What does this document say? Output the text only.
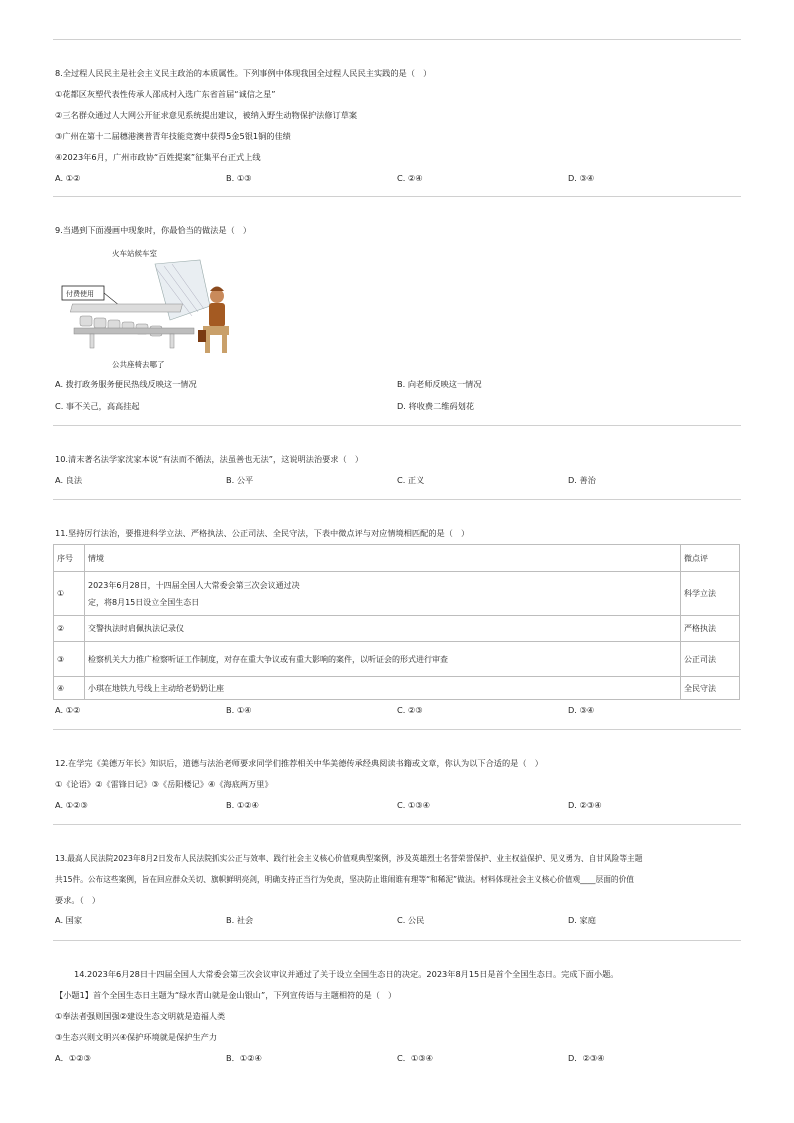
8.全过程人民民主是社会主义民主政治的本质属性。下列事例中体现我国全过程人民民主实践的是（　）
①花都区灰塑代表性传承人邵成村入选广东省首届“诚信之星”
②三名群众通过人大网公开征求意见系统提出建议，被纳入野生动物保护法修订草案
③广州在第十二届穗港澳普青年技能竞赛中获得5金5银1铜的佳绩
④2023年6月，广州市政协“百姓提案”征集平台正式上线
A. ①②	B. ①③	C. ②④	D. ③④
9.当遇到下面漫画中现象时，你最恰当的做法是（　）
火车站候车室
付费使用
公共座椅去哪了
A. 拨打政务服务便民热线反映这一情况	B. 向老师反映这一情况
C. 事不关己，高高挂起	D. 将收费二维码划花
10.清末著名法学家沈家本说“有法而不循法，法虽善也无法”，这说明法治要求（　）
A. 良法	B. 公平	C. 正义	D. 善治
11.坚持厉行法治，要推进科学立法、严格执法、公正司法、全民守法，下表中微点评与对应情境相匹配的是（　）
序号	情境	微点评
①	2023年6月28日，十四届全国人大常委会第三次会议通过决
定，将8月15日设立全国生态日	科学立法
②	交警执法时肩佩执法记录仪	严格执法
③	检察机关大力推广检察听证工作制度，对存在重大争议或有重大影响的案件，以听证会的形式进行审查	公正司法
④	小琪在地铁九号线上主动给老奶奶让座	全民守法
A. ①②	B. ①④	C. ②③	D. ③④
12.在学完《美德万年长》知识后，道德与法治老师要求同学们推荐相关中华美德传承经典阅读书籍或文章，你认为以下合适的是（　）
①《论语》②《雷锋日记》③《岳阳楼记》④《海底两万里》
A. ①②③	B. ①②④	C. ①③④	D. ②③④
13.最高人民法院2023年8月2日发布人民法院抓实公正与效率、践行社会主义核心价值观典型案例，涉及英雄烈士名誉荣誉保护、业主权益保护、见义勇为、自甘风险等主题
共15件。公布这些案例，旨在回应群众关切、旗帜鲜明亮剑，明确支持正当行为免责，坚决防止谁闹谁有理等“和稀泥”做法。材料体现社会主义核心价值观____层面的价值
要求。（　）
A. 国家	B. 社会	C. 公民	D. 家庭
14.2023年6月28日十四届全国人大常委会第三次会议审议并通过了关于设立全国生态日的决定。2023年8月15日是首个全国生态日。完成下面小题。
【小题1】首个全国生态日主题为“绿水青山就是金山银山”，下列宣传语与主题相符的是（　）
①奉法者强则国强②建设生态文明就是造福人类
③生态兴则文明兴④保护环境就是保护生产力
A．①②③	B．①②④	C．①③④	D．②③④
